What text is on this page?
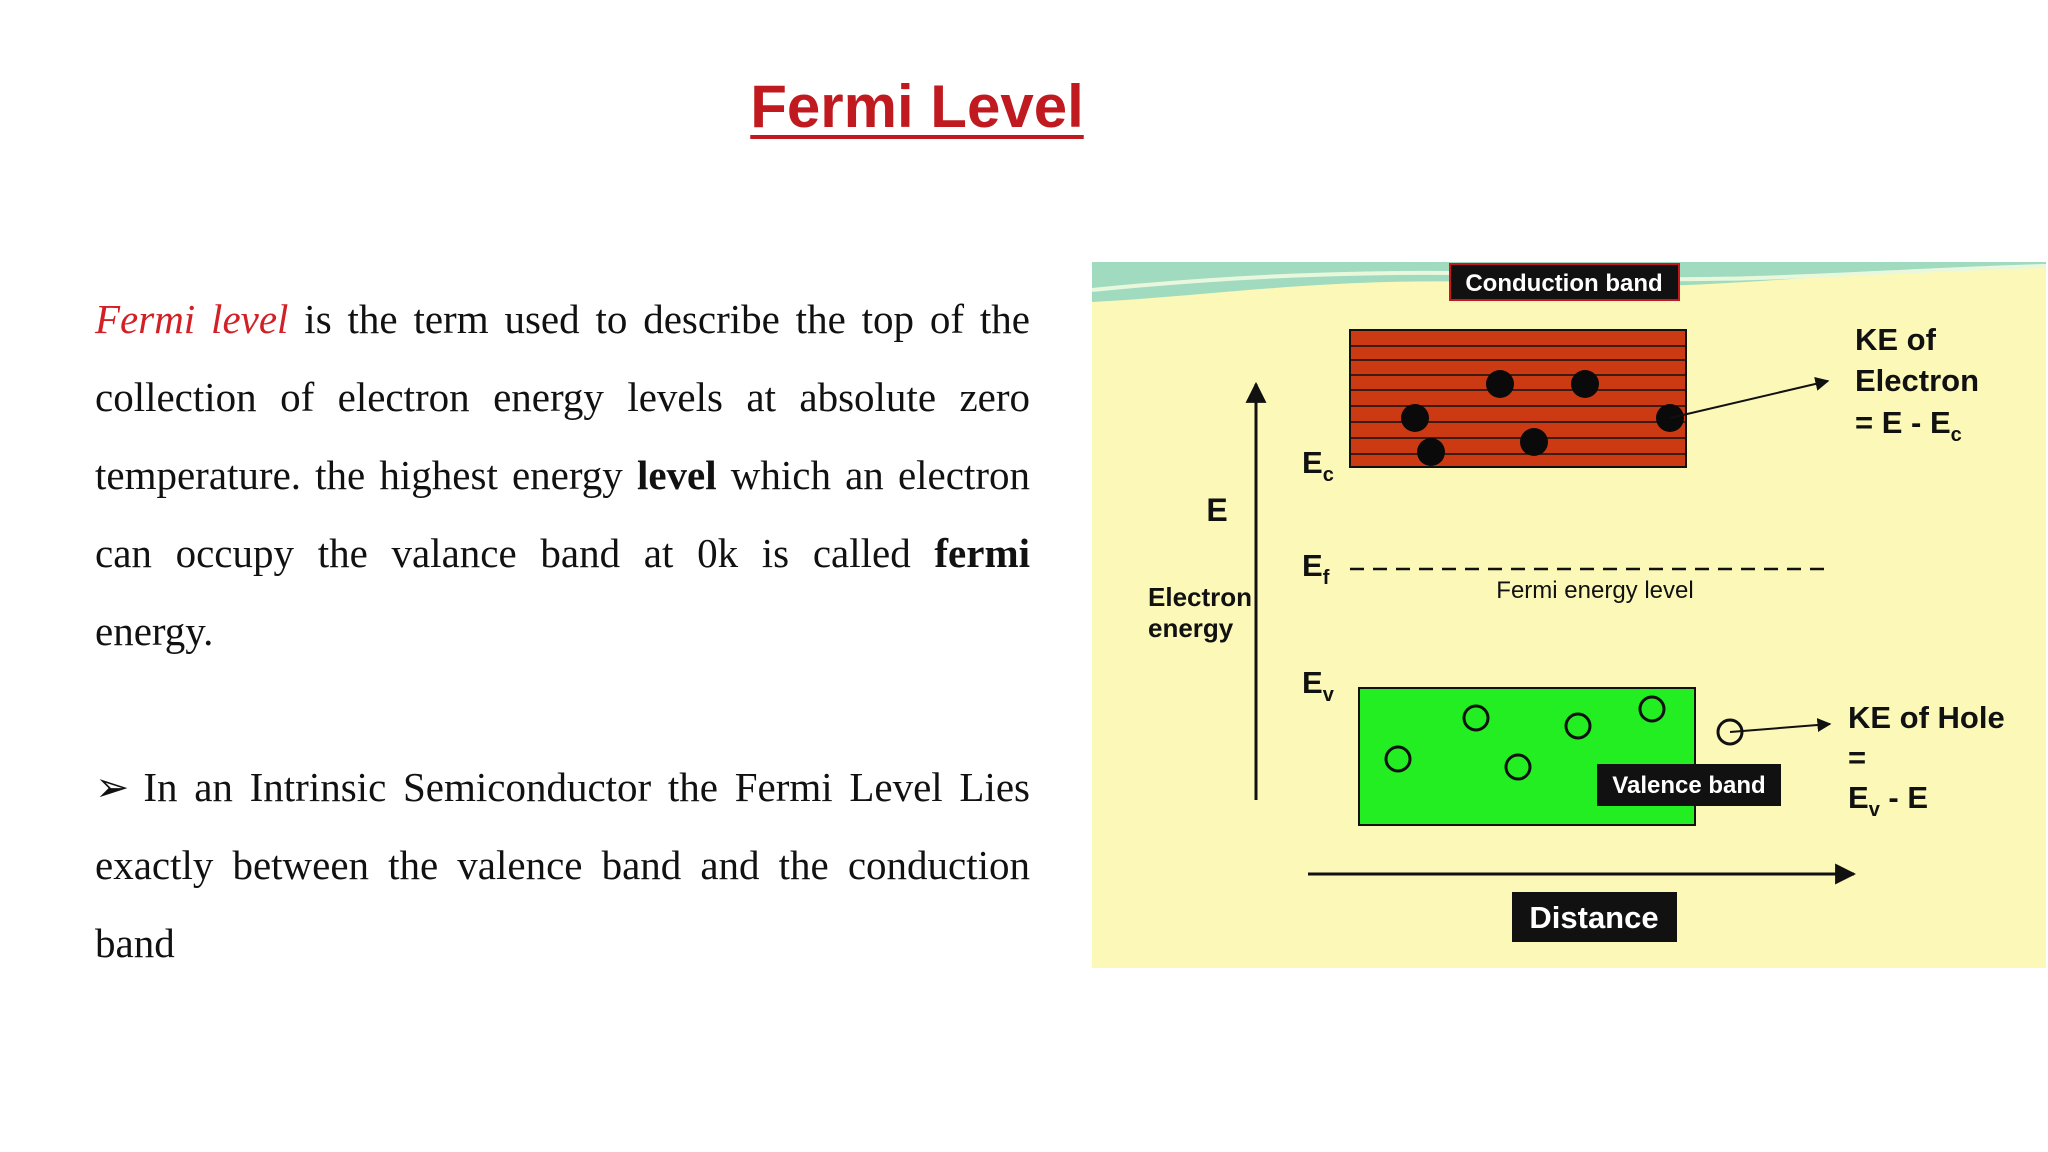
Fermi Level

Fermi level is the term used to describe the top of the collection of electron energy levels at absolute zero temperature. the highest energy level which an electron can occupy the valance band at 0k is called fermi energy.

➢ In an Intrinsic Semiconductor the Fermi Level Lies exactly between the valence band and the conduction band

Conduction band
KE of
Electron
= E - $E_c$
E
Electron
energy
$E_c$
$E_f$
$E_v$
Fermi energy level
Valence band
KE of Hole
=
$E_v$ - E
Distance
